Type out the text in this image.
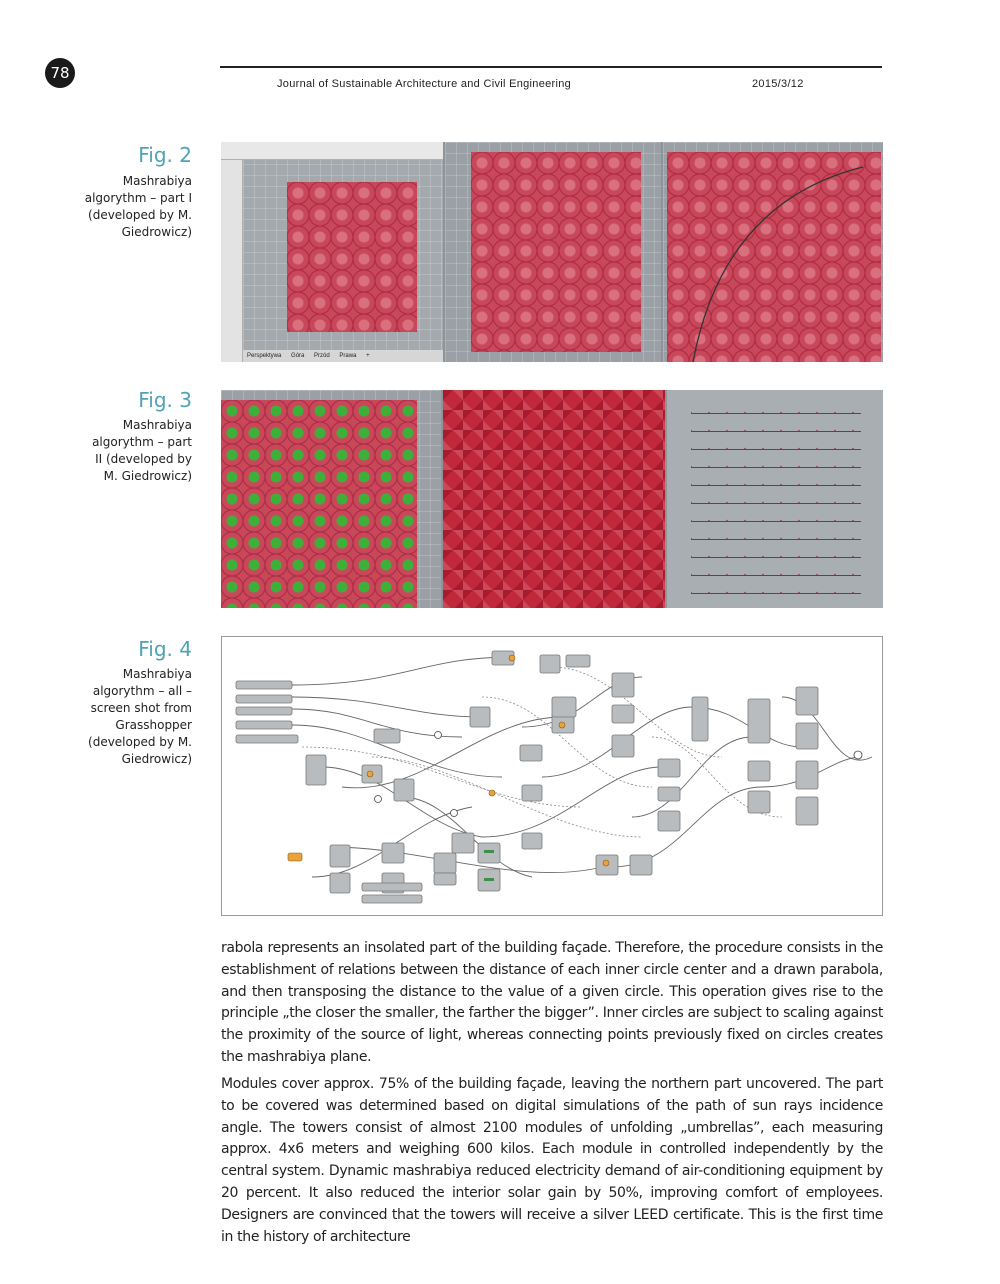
78
Journal of Sustainable Architecture and Civil Engineering	2015/3/12
Fig. 2
Mashrabiya algorythm – part I (developed by M. Giedrowicz)
Perspektywa Góra Przód Prawa +
Fig. 3
Mashrabiya algorythm – part II (developed by M. Giedrowicz)
Fig. 4
Mashrabiya algorythm – all – screen shot from Grasshopper (developed by M. Giedrowicz)

rabola represents an insolated part of the building façade. Therefore, the procedure consists in the establishment of relations between the distance of each inner circle center and a drawn parabola, and then transposing the distance to the value of a given circle. This operation gives rise to the principle „the closer the smaller, the farther the bigger”. Inner circles are subject to scaling against the proximity of the source of light, whereas connecting points previously fixed on circles creates the mashrabiya plane.

Modules cover approx. 75% of the building façade, leaving the northern part uncovered. The part to be covered was determined based on digital simulations of the path of sun rays incidence angle. The towers consist of almost 2100 modules of unfolding „umbrellas”, each measuring approx. 4x6 meters and weighing 600 kilos. Each module in controlled independently by the central system. Dynamic mashrabiya reduced electricity demand of air-conditioning equipment by 20 percent. It also reduced the interior solar gain by 50%, improving comfort of employees. Designers are convinced that the towers will receive a silver LEED certificate. This is the first time in the history of architecture
